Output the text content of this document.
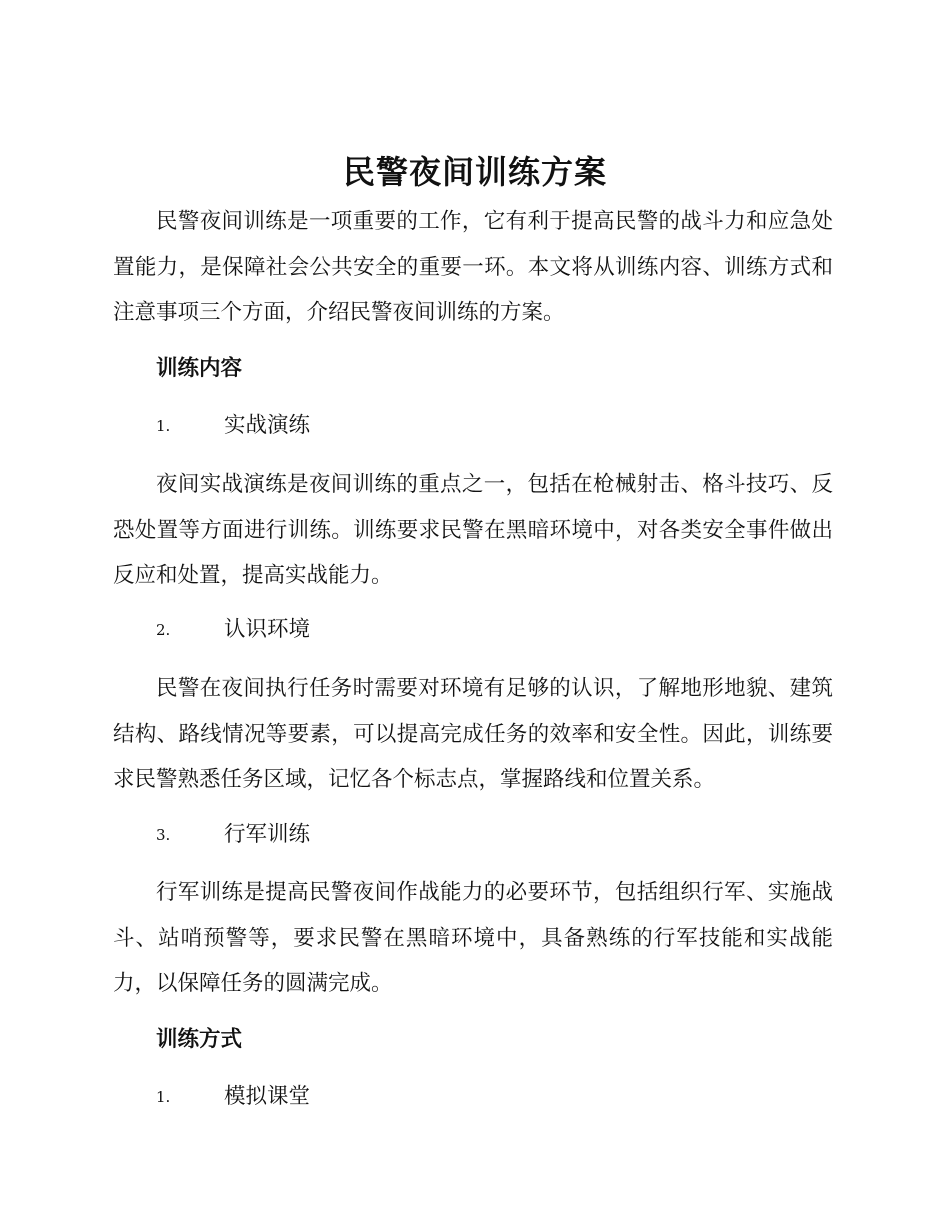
民警夜间训练方案

民警夜间训练是一项重要的工作，它有利于提高民警的战斗力和应急处置能力，是保障社会公共安全的重要一环。本文将从训练内容、训练方式和注意事项三个方面，介绍民警夜间训练的方案。

训练内容
1. 实战演练

夜间实战演练是夜间训练的重点之一，包括在枪械射击、格斗技巧、反恐处置等方面进行训练。训练要求民警在黑暗环境中，对各类安全事件做出反应和处置，提高实战能力。

2. 认识环境

民警在夜间执行任务时需要对环境有足够的认识，了解地形地貌、建筑结构、路线情况等要素，可以提高完成任务的效率和安全性。因此，训练要求民警熟悉任务区域，记忆各个标志点，掌握路线和位置关系。

3. 行军训练

行军训练是提高民警夜间作战能力的必要环节，包括组织行军、实施战斗、站哨预警等，要求民警在黑暗环境中，具备熟练的行军技能和实战能力，以保障任务的圆满完成。

训练方式
1. 模拟课堂
